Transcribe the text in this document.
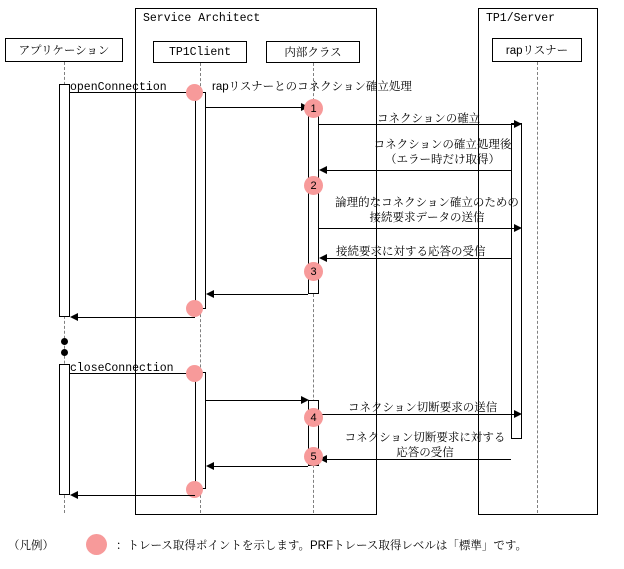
Service Architect	TP1/Server
アプリケーション	TP1Client	内部クラス	rapリスナー
openConnection	rapリスナーとのコネクション確立処理
1
コネクションの確立
コネクションの確立処理後
（エラー時だけ取得）
2
論理的なコネクション確立のための
接続要求データの送信
接続要求に対する応答の受信
3
closeConnection
コネクション切断要求の送信
4
コネクション切断要求に対する
応答の受信
5
（凡例）	：トレース取得ポイントを示します。PRFトレース取得レベルは「標準」です。
